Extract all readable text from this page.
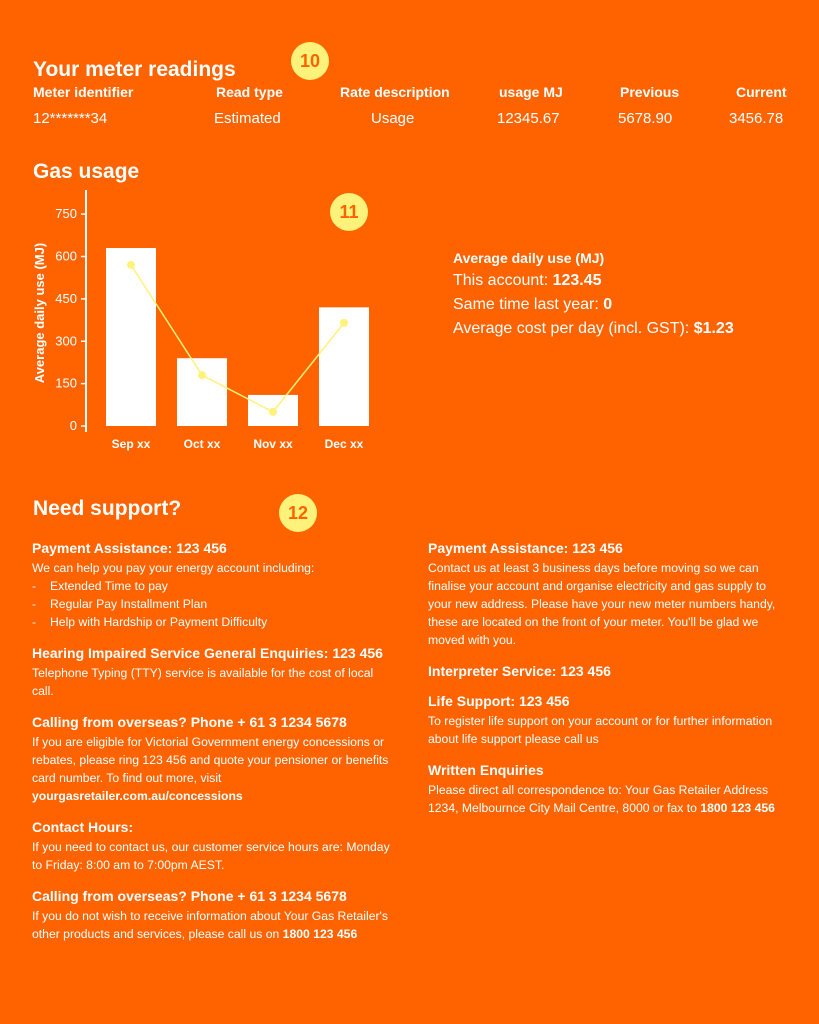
Your meter readings	10
Meter identifier	Read type	Rate description	usage MJ	Previous	Current
12*******34	Estimated	Usage	12345.67	5678.90	3456.78
Gas usage
11
Average daily use (MJ)
0
150
300
450
600
750
Sep xx	Oct xx	Nov xx	Dec xx
Average daily use (MJ)
This account: 123.45
Same time last year: 0
Average cost per day (incl. GST): $1.23
Need support?	12
Payment Assistance: 123 456
We can help you pay your energy account including:
- Extended Time to pay
- Regular Pay Installment Plan
- Help with Hardship or Payment Difficulty
Hearing Impaired Service General Enquiries: 123 456
Telephone Typing (TTY) service is available for the cost of local call.
Calling from overseas? Phone + 61 3 1234 5678
If you are eligible for Victorial Government energy concessions or rebates, please ring 123 456 and quote your pensioner or benefits card number. To find out more, visit yourgasretailer.com.au/concessions
Contact Hours:
If you need to contact us, our customer service hours are: Monday to Friday: 8:00 am to 7:00pm AEST.
Calling from overseas? Phone + 61 3 1234 5678
If you do not wish to receive information about Your Gas Retailer's other products and services, please call us on 1800 123 456
Payment Assistance: 123 456
Contact us at least 3 business days before moving so we can finalise your account and organise electricity and gas supply to your new address. Please have your new meter numbers handy, these are located on the front of your meter. You'll be glad we moved with you.
Interpreter Service: 123 456
Life Support: 123 456
To register life support on your account or for further information about life support please call us
Written Enquiries
Please direct all correspondence to: Your Gas Retailer Address 1234, Melbournce City Mail Centre, 8000 or fax to 1800 123 456
